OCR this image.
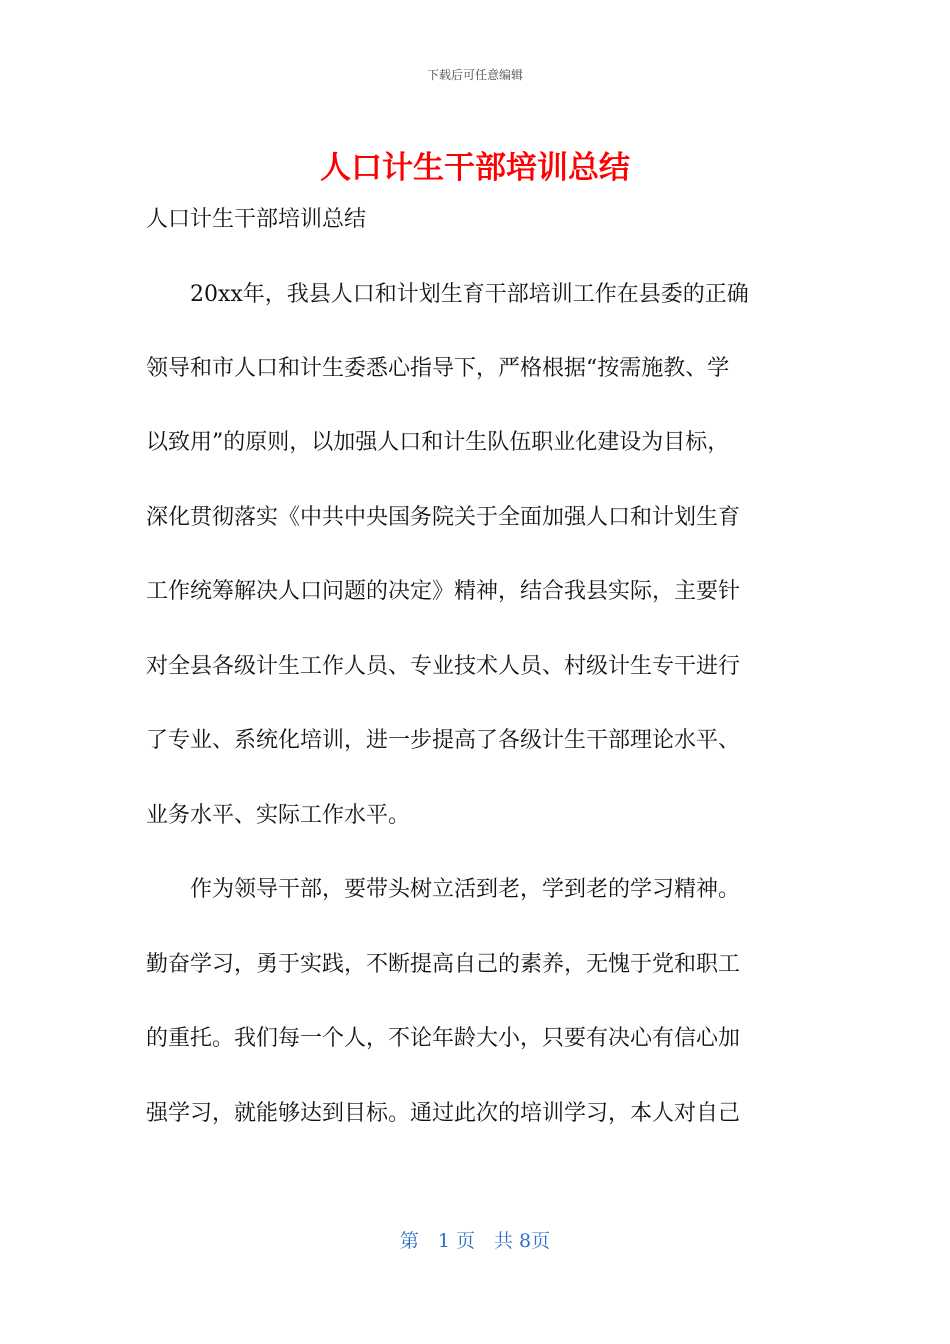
下载后可任意编辑
人口计生干部培训总结
人口计生干部培训总结
　　20xx年，我县人口和计划生育干部培训工作在县委的正确
领导和市人口和计生委悉心指导下，严格根据“按需施教、学
以致用”的原则，以加强人口和计生队伍职业化建设为目标，
深化贯彻落实《中共中央国务院关于全面加强人口和计划生育
工作统筹解决人口问题的决定》精神，结合我县实际，主要针
对全县各级计生工作人员、专业技术人员、村级计生专干进行
了专业、系统化培训，进一步提高了各级计生干部理论水平、
业务水平、实际工作水平。
　　作为领导干部，要带头树立活到老，学到老的学习精神。
勤奋学习，勇于实践，不断提高自己的素养，无愧于党和职工
的重托。我们每一个人，不论年龄大小，只要有决心有信心加
强学习，就能够达到目标。通过此次的培训学习，本人对自己
第　1 页　共 8页
